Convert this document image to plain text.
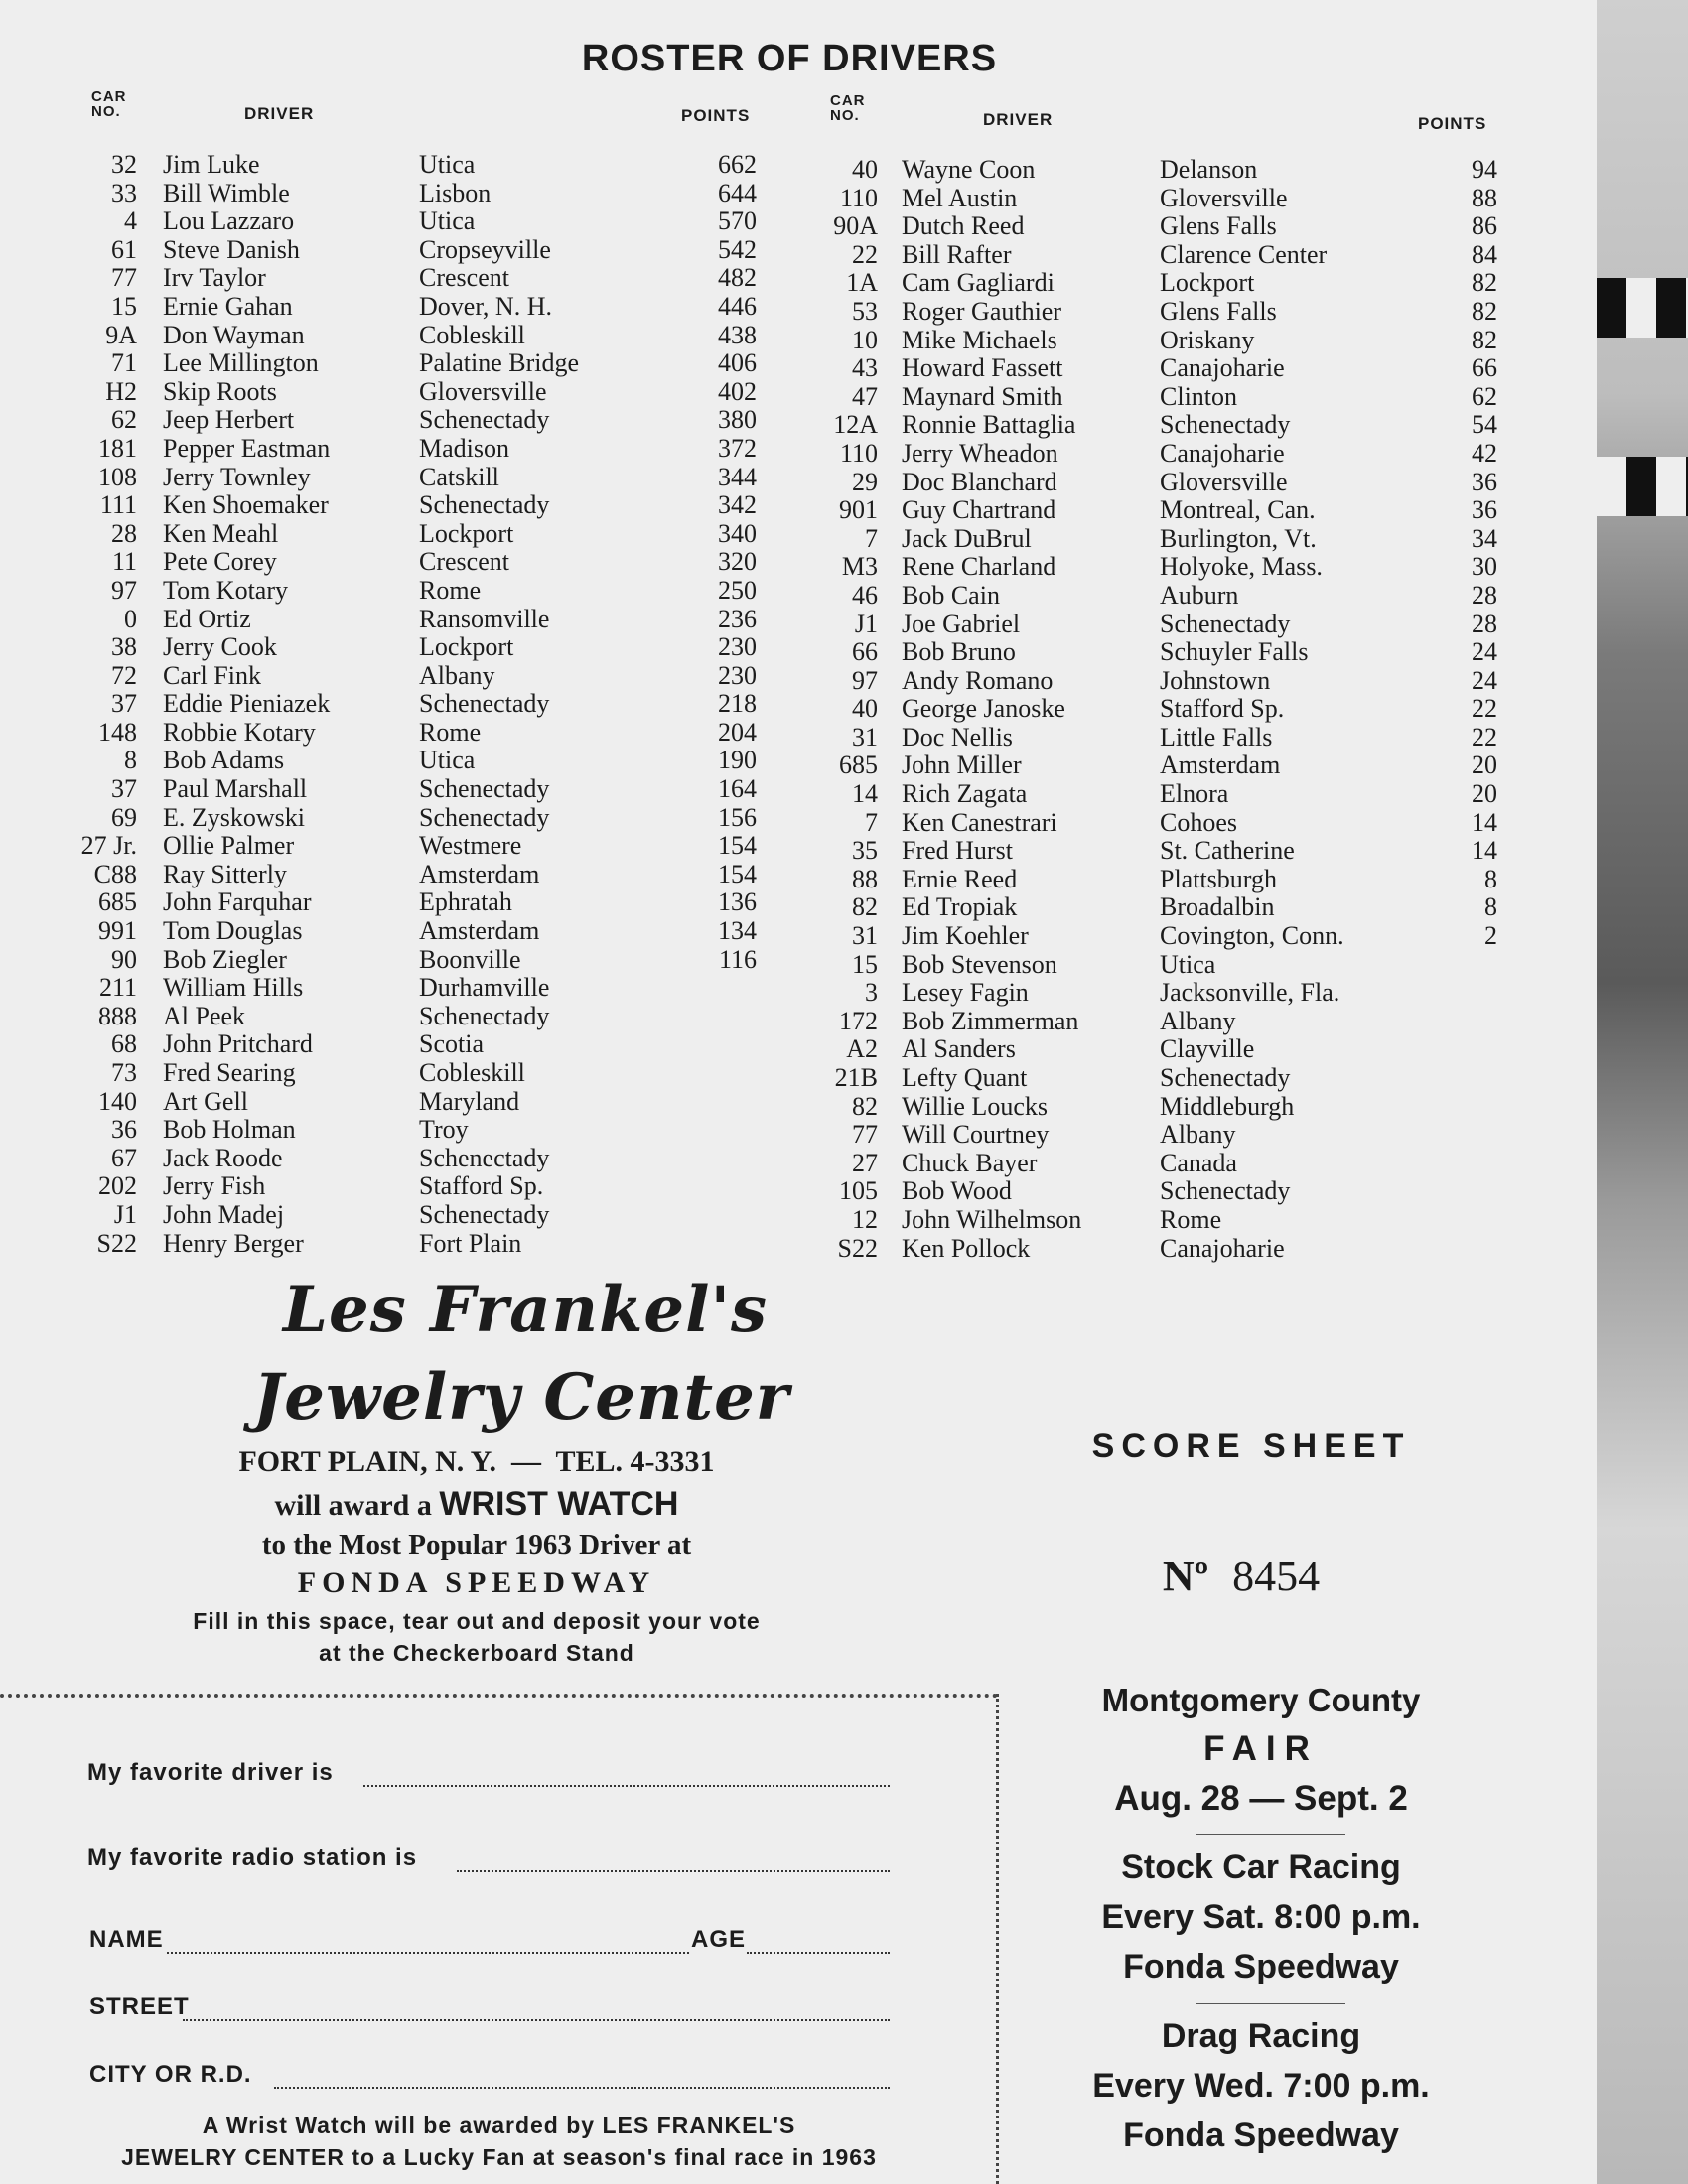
ROSTER OF DRIVERS
CAR
NO.	DRIVER	POINTS
CAR
NO.	DRIVER	POINTS
32 Jim Luke	Utica	662
33 Bill Wimble	Lisbon	644
4 Lou Lazzaro	Utica	570
61 Steve Danish	Cropseyville	542
77 Irv Taylor	Crescent	482
15 Ernie Gahan	Dover, N. H.	446
9A Don Wayman	Cobleskill	438
71 Lee Millington	Palatine Bridge	406
H2 Skip Roots	Gloversville	402
62 Jeep Herbert	Schenectady	380
181 Pepper Eastman	Madison	372
108 Jerry Townley	Catskill	344
111 Ken Shoemaker	Schenectady	342
28 Ken Meahl	Lockport	340
11 Pete Corey	Crescent	320
97 Tom Kotary	Rome	250
0 Ed Ortiz	Ransomville	236
38 Jerry Cook	Lockport	230
72 Carl Fink	Albany	230
37 Eddie Pieniazek	Schenectady	218
148 Robbie Kotary	Rome	204
8 Bob Adams	Utica	190
37 Paul Marshall	Schenectady	164
69 E. Zyskowski	Schenectady	156
27 Jr. Ollie Palmer	Westmere	154
C88 Ray Sitterly	Amsterdam	154
685 John Farquhar	Ephratah	136
991 Tom Douglas	Amsterdam	134
90 Bob Ziegler	Boonville	116
211 William Hills	Durhamville
888 Al Peek	Schenectady
68 John Pritchard	Scotia
73 Fred Searing	Cobleskill
140 Art Gell	Maryland
36 Bob Holman	Troy
67 Jack Roode	Schenectady
202 Jerry Fish	Stafford Sp.
J1 John Madej	Schenectady
S22 Henry Berger	Fort Plain
40 Wayne Coon	Delanson	94
110 Mel Austin	Gloversville	88
90A Dutch Reed	Glens Falls	86
22 Bill Rafter	Clarence Center	84
1A Cam Gagliardi	Lockport	82
53 Roger Gauthier	Glens Falls	82
10 Mike Michaels	Oriskany	82
43 Howard Fassett	Canajoharie	66
47 Maynard Smith	Clinton	62
12A Ronnie Battaglia	Schenectady	54
110 Jerry Wheadon	Canajoharie	42
29 Doc Blanchard	Gloversville	36
901 Guy Chartrand	Montreal, Can.	36
7 Jack DuBrul	Burlington, Vt.	34
M3 Rene Charland	Holyoke, Mass.	30
46 Bob Cain	Auburn	28
J1 Joe Gabriel	Schenectady	28
66 Bob Bruno	Schuyler Falls	24
97 Andy Romano	Johnstown	24
40 George Janoske	Stafford Sp.	22
31 Doc Nellis	Little Falls	22
685 John Miller	Amsterdam	20
14 Rich Zagata	Elnora	20
7 Ken Canestrari	Cohoes	14
35 Fred Hurst	St. Catherine	14
88 Ernie Reed	Plattsburgh	8
82 Ed Tropiak	Broadalbin	8
31 Jim Koehler	Covington, Conn.	2
15 Bob Stevenson	Utica
3 Lesey Fagin	Jacksonville, Fla.
172 Bob Zimmerman	Albany
A2 Al Sanders	Clayville
21B Lefty Quant	Schenectady
82 Willie Loucks	Middleburgh
77 Will Courtney	Albany
27 Chuck Bayer	Canada
105 Bob Wood	Schenectady
12 John Wilhelmson	Rome
S22 Ken Pollock	Canajoharie
Les Frankel's
Jewelry Center
FORT PLAIN, N. Y.  —  TEL. 4-3331
will award a WRIST WATCH
to the Most Popular 1963 Driver at
FONDA SPEEDWAY
Fill in this space, tear out and deposit your vote
at the Checkerboard Stand
My favorite driver is
My favorite radio station is
NAME	AGE
STREET
CITY OR R.D.
A Wrist Watch will be awarded by LES FRANKEL'S
JEWELRY CENTER to a Lucky Fan at season's final race in 1963
SCORE SHEET
Nº 8454
Montgomery County
FAIR
Aug. 28 — Sept. 2
Stock Car Racing
Every Sat. 8:00 p.m.
Fonda Speedway
Drag Racing
Every Wed. 7:00 p.m.
Fonda Speedway
